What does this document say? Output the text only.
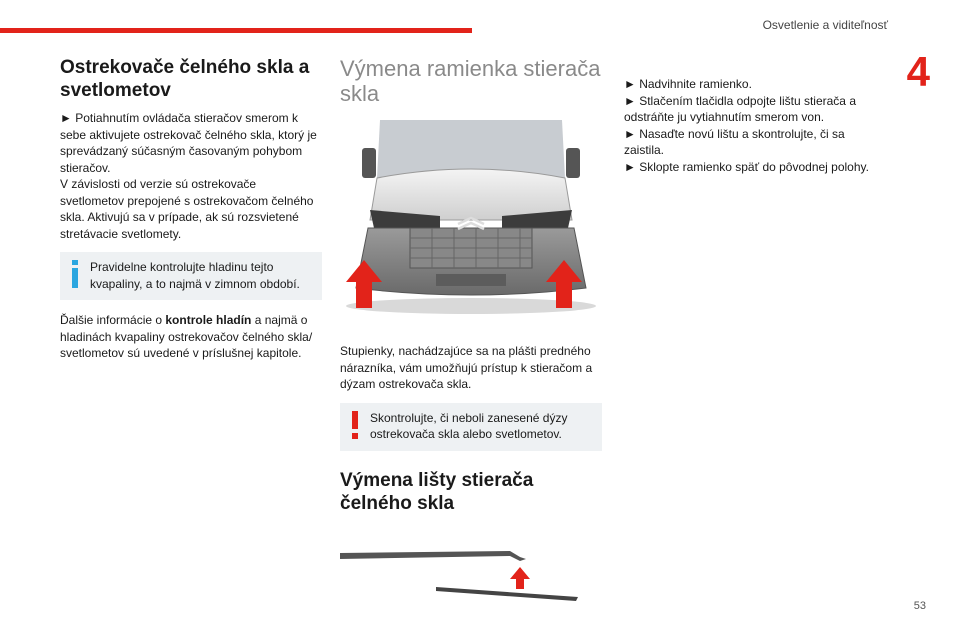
Osvetlenie a viditeľnosť
4
53
Ostrekovače čelného skla a svetlometov

► Potiahnutím ovládača stieračov smerom k sebe aktivujete ostrekovač čelného skla, ktorý je sprevádzaný súčasným časovaným pohybom stieračov.

V závislosti od verzie sú ostrekovače svetlometov prepojené s ostrekovačom čelného skla. Aktivujú sa v prípade, ak sú rozsvietené stretávacie svetlomety.

Pravidelne kontrolujte hladinu tejto kvapaliny, a to najmä v zimnom období.

Ďalšie informácie o kontrole hladín a najmä o hladinách kvapaliny ostrekovačov čelného skla/ svetlometov sú uvedené v príslušnej kapitole.

Výmena ramienka stierača skla

Stupienky, nachádzajúce sa na plášti predného nárazníka, vám umožňujú prístup k stieračom a dýzam ostrekovača skla.

Skontrolujte, či neboli zanesené dýzy ostrekovača skla alebo svetlometov.
Výmena lišty stierača čelného skla

► Nadvihnite ramienko.

► Stlačením tlačidla odpojte lištu stierača a odstráňte ju vytiahnutím smerom von.

► Nasaďte novú lištu a skontrolujte, či sa zaistila.

► Sklopte ramienko späť do pôvodnej polohy.
